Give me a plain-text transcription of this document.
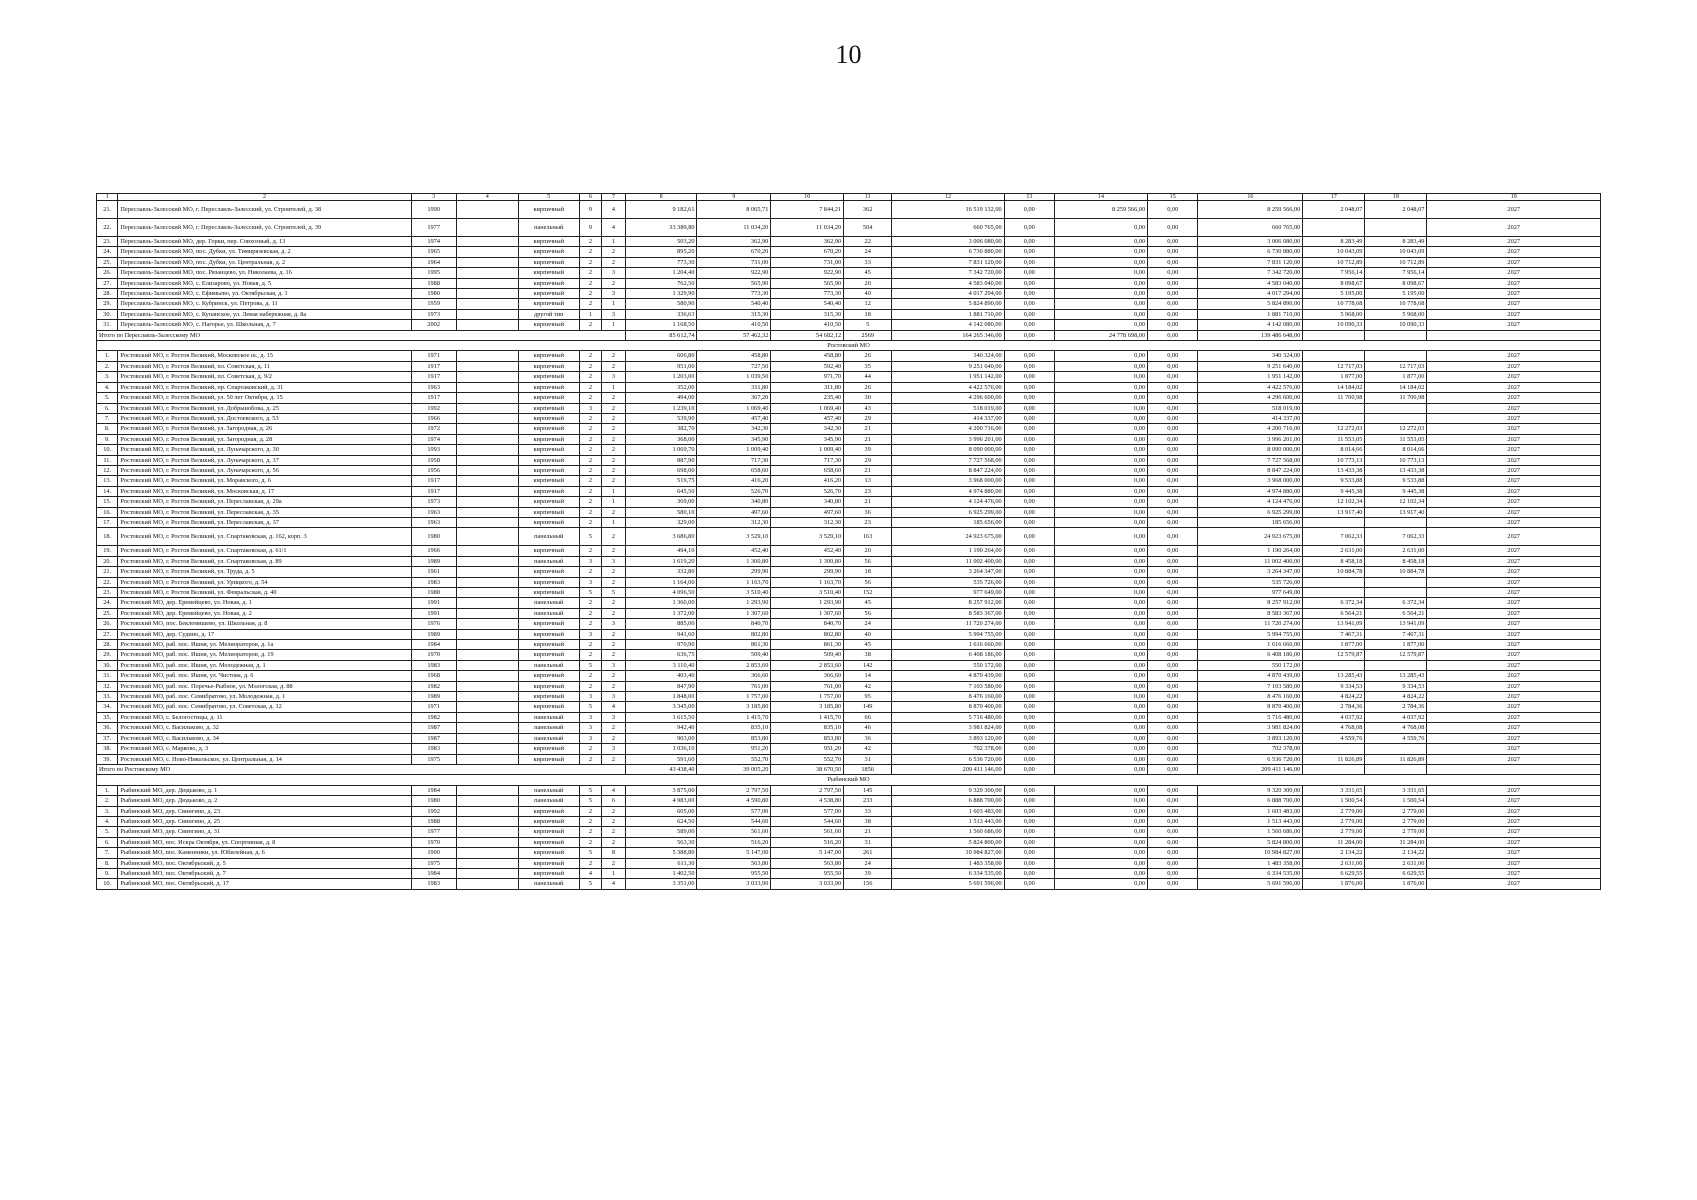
10
1	2	3	4	5	6	7	8	9	10	11	12	13	14	15	16	17	18	19
21.	Переславль-Залесский МО, г. Переславль-Залесский, ул. Строителей, д. 38	1990		кирпичный	9	4	9 182,61	8 065,71	7 844,21	362	16 519 132,00	0,00	8 259 566,00	0,00	8 259 566,00	2 048,07	2 048,07	2027
22.	Переславль-Залесский МО, г. Переславль-Залесский, ул. Строителей, д. 39	1977		панельный	9	4	33 389,80	11 034,20	11 034,20	504	660 765,00	0,00	0,00	0,00	660 765,00			2027
23.	Переславль-Залесский МО, дер. Горки, пер. Совхозный, д. 13	1974		кирпичный	2	1	503,20	362,90	362,90	22	3 006 080,00	0,00	0,00	0,00	3 006 080,00	8 283,49	8 283,49	2027
24.	Переславль-Залесский МО, пос. Дубки, ул. Тимирязевская, д. 2	1965		кирпичный	2	2	895,20	670,20	670,20	24	6 730 880,00	0,00	0,00	0,00	6 730 880,00	10 043,09	10 043,09	2027
25.	Переславль-Залесский МО, пос. Дубки, ул. Центральная, д. 2	1964		кирпичный	2	2	773,30	731,00	731,00	33	7 831 120,00	0,00	0,00	0,00	7 831 120,00	10 712,89	10 712,89	2027
26.	Переславль-Залесский МО, пос. Рязанцево, ул. Николаева, д. 16	1995		кирпичный	2	3	1 204,40	922,90	922,90	45	7 342 720,00	0,00	0,00	0,00	7 342 720,00	7 956,14	7 956,14	2027
27.	Переславль-Залесский МО, с. Елизарово, ул. Новая, д. 5	1988		кирпичный	2	2	762,50	565,90	565,90	20	4 583 040,00	0,00	0,00	0,00	4 583 040,00	8 098,67	8 098,67	2027
28.	Переславль-Залесский МО, с. Ефимьево, ул. Октябрьская, д. 1	1980		кирпичный	2	3	1 329,90	773,30	773,30	40	4 017 294,00	0,00	0,00	0,00	4 017 294,00	5 195,00	5 195,00	2027
29.	Переславль-Залесский МО, с. Кубринск, ул. Петрова, д. 11	1959		кирпичный	2	1	580,90	540,40	540,40	12	5 824 890,00	0,00	0,00	0,00	5 824 890,00	10 778,68	10 778,68	2027
30.	Переславль-Залесский МО, с. Купанское, ул. Левая набережная, д. 8а	1973		другой тип	1	3	336,63	315,30	315,30	18	1 881 710,00	0,00	0,00	0,00	1 881 710,00	5 968,00	5 968,00	2027
31.	Переславль-Залесский МО, с. Нагорье, ул. Школьная, д. 7	2002		кирпичный	2	1	1 168,50	410,50	410,50	5	4 142 080,00	0,00	0,00	0,00	4 142 080,00	10 090,33	10 090,33	2027
Итого по Переславль-Залесскому МО							85 612,74	57 462,32	54 682,12	2569	164 265 346,00	0,00	24 778 698,00	0,00	139 486 648,00			
Ростовский МО																		
1.	Ростовский МО, г. Ростов Великий, Московское ш., д. 15	1971		кирпичный	2	2	606,80	458,80	458,80	26	340 324,00	0,00	0,00	0,00	340 324,00			2027
2.	Ростовский МО, г. Ростов Великий, пл. Советская, д. 11	1917		кирпичный	2	2	951,00	727,50	592,40	35	9 251 640,00	0,00	0,00	0,00	9 251 640,00	12 717,03	12 717,03	2027
3.	Ростовский МО, г. Ростов Великий, пл. Советская, д. 9/2	1917		кирпичный	2	3	1 203,00	1 039,50	971,70	44	1 951 142,00	0,00	0,00	0,00	1 951 142,00	1 877,00	1 877,00	2027
4.	Ростовский МО, г. Ростов Великий, пр. Спартаковский, д. 31	1963		кирпичный	2	1	352,00	311,80	311,80	26	4 422 576,00	0,00	0,00	0,00	4 422 576,00	14 184,02	14 184,02	2027
5.	Ростовский МО, г. Ростов Великий, ул. 50 лет Октября, д. 15	1917		кирпичный	2	2	494,00	367,20	235,40	30	4 296 600,00	0,00	0,00	0,00	4 296 600,00	11 700,98	11 700,98	2027
6.	Ростовский МО, г. Ростов Великий, ул. Добрынобова, д. 25	1992		кирпичный	3	2	1 239,10	1 069,40	1 069,40	43	518 019,00	0,00	0,00	0,00	518 019,00			2027
7.	Ростовский МО, г. Ростов Великий, ул. Достоевского, д. 53	1966		кирпичный	2	2	539,90	457,40	457,40	29	414 337,00	0,00	0,00	0,00	414 337,00			2027
8.	Ростовский МО, г. Ростов Великий, ул. Загородная, д. 26	1972		кирпичный	2	2	382,70	342,30	342,30	21	4 200 716,00	0,00	0,00	0,00	4 200 716,00	12 272,03	12 272,03	2027
9.	Ростовский МО, г. Ростов Великий, ул. Загородная, д. 28	1974		кирпичный	2	2	368,00	345,90	345,90	21	3 996 201,00	0,00	0,00	0,00	3 996 201,00	11 553,05	11 553,05	2027
10.	Ростовский МО, г. Ростов Великий, ул. Луначарского, д. 30	1993		кирпичный	2	2	1 069,70	1 009,40	1 009,40	39	8 090 000,00	0,00	0,00	0,00	8 090 000,00	8 014,66	8 014,66	2027
11.	Ростовский МО, г. Ростов Великий, ул. Луначарского, д. 37	1958		кирпичный	2	2	887,90	717,30	717,30	29	7 727 568,00	0,00	0,00	0,00	7 727 568,00	10 773,13	10 773,13	2027
12.	Ростовский МО, г. Ростов Великий, ул. Луначарского, д. 56	1956		кирпичный	2	2	698,00	658,60	658,60	21	8 847 224,00	0,00	0,00	0,00	8 847 224,00	13 433,38	13 433,38	2027
13.	Ростовский МО, г. Ростов Великий, ул. Моравского, д. 6	1917		кирпичный	2	2	519,75	416,20	416,20	13	3 968 000,00	0,00	0,00	0,00	3 968 000,00	9 533,88	9 533,88	2027
14.	Ростовский МО, г. Ростов Великий, ул. Московская, д. 17	1917		кирпичный	2	1	645,50	526,70	526,70	23	4 974 880,00	0,00	0,00	0,00	4 974 880,00	9 445,38	9 445,38	2027
15.	Ростовский МО, г. Ростов Великий, ул. Переславская, д. 29а	1973		кирпичный	2	1	369,00	340,80	340,80	21	4 124 476,00	0,00	0,00	0,00	4 124 476,00	12 102,34	12 102,34	2027
16.	Ростовский МО, г. Ростов Великий, ул. Переславская, д. 35	1963		кирпичный	2	2	580,10	497,60	497,60	36	6 925 299,00	0,00	0,00	0,00	6 925 299,00	13 917,40	13 917,40	2027
17.	Ростовский МО, г. Ростов Великий, ул. Переславская, д. 37	1963		кирпичный	2	1	329,00	312,30	312,30	23	185 656,00	0,00	0,00	0,00	185 656,00			2027
18.	Ростовский МО, г. Ростов Великий, ул. Спартаковская, д. 162, корп. 3	1980		панельный	5	2	3 686,80	3 529,10	3 529,10	163	24 923 675,00	0,00	0,00	0,00	24 923 675,00	7 062,33	7 062,33	2027
19.	Ростовский МО, г. Ростов Великий, ул. Спартаковская, д. 61/1	1966		кирпичный	2	2	494,10	452,40	452,40	20	1 190 264,00	0,00	0,00	0,00	1 190 264,00	2 631,00	2 631,00	2027
20.	Ростовский МО, г. Ростов Великий, ул. Спартаковская, д. 89	1989		панельный	3	3	1 619,20	1 300,80	1 300,80	56	11 002 400,00	0,00	0,00	0,00	11 002 400,00	8 458,18	8 458,18	2027
21.	Ростовский МО, г. Ростов Великий, ул. Труда, д. 5	1961		кирпичный	2	2	332,80	299,90	299,90	18	3 264 347,00	0,00	0,00	0,00	3 264 347,00	10 884,78	10 884,78	2027
22.	Ростовский МО, г. Ростов Великий, ул. Урицкого, д. 54	1983		кирпичный	3	2	1 164,00	1 163,70	1 163,70	56	535 726,00	0,00	0,00	0,00	535 726,00			2027
23.	Ростовский МО, г. Ростов Великий, ул. Февральская, д. 40	1988		кирпичный	5	5	4 096,50	3 510,40	3 510,40	152	977 649,00	0,00	0,00	0,00	977 649,00			2027
24.	Ростовский МО, дер. Еремейцево, ул. Новая, д. 1	1991		панельный	2	2	1 360,00	1 293,90	1 293,90	45	8 257 912,00	0,00	0,00	0,00	8 257 912,00	6 372,34	6 372,34	2027
25.	Ростовский МО, дер. Еремейцево, ул. Новая, д. 2	1991		панельный	2	2	1 372,00	1 307,60	1 307,60	56	8 583 367,00	0,00	0,00	0,00	8 583 367,00	6 564,21	6 564,21	2027
26.	Ростовский МО, пос. Беклемишево, ул. Школьная, д. 8	1976		кирпичный	2	3	885,00	840,70	840,70	24	11 720 274,00	0,00	0,00	0,00	11 720 274,00	13 941,09	13 941,09	2027
27.	Ростовский МО, дер. Судино, д. 17	1989		кирпичный	3	2	941,60	802,80	802,80	40	5 994 755,00	0,00	0,00	0,00	5 994 755,00	7 467,31	7 467,31	2027
28.	Ростовский МО, раб. пос. Ишня, ул. Мелиораторов, д. 1а	1984		кирпичный	2	2	970,90	861,30	861,30	45	1 616 660,00	0,00	0,00	0,00	1 616 660,00	1 877,00	1 877,00	2027
29.	Ростовский МО, раб. пос. Ишня, ул. Мелиораторов, д. 19	1970		кирпичный	2	2	636,75	509,40	509,40	38	6 408 186,00	0,00	0,00	0,00	6 408 186,00	12 579,87	12 579,87	2027
30.	Ростовский МО, раб. пос. Ишня, ул. Молодежная, д. 1	1983		панельный	5	3	3 110,40	2 853,60	2 853,60	142	550 172,00	0,00	0,00	0,00	550 172,00			2027
31.	Ростовский МО, раб. пос. Ишня, ул. Чистова, д. 6	1968		кирпичный	2	2	403,40	366,60	366,60	14	4 870 439,00	0,00	0,00	0,00	4 870 439,00	13 285,43	13 285,43	2027
32.	Ростовский МО, раб. пос. Поречье-Рыбное, ул. Мологская, д. 88	1982		кирпичный	2	2	847,90	761,00	761,00	42	7 103 580,00	0,00	0,00	0,00	7 103 580,00	9 334,53	9 334,53	2027
33.	Ростовский МО, раб. пос. Семибратово, ул. Молодежная, д. 1	1989		кирпичный	3	3	1 848,00	1 757,00	1 757,00	95	8 476 160,00	0,00	0,00	0,00	8 476 160,00	4 824,22	4 824,22	2027
34.	Ростовский МО, раб. пос. Семибратово, ул. Советская, д. 12	1971		кирпичный	5	4	3 345,00	3 185,80	3 185,80	149	8 870 400,00	0,00	0,00	0,00	8 870 400,00	2 784,36	2 784,36	2027
35.	Ростовский МО, с. Белогостицы, д. 11	1982		панельный	3	3	1 615,50	1 415,70	1 415,70	66	5 716 480,00	0,00	0,00	0,00	5 716 480,00	4 037,92	4 037,92	2027
36.	Ростовский МО, с. Васильково, д. 32	1987		панельный	3	2	942,40	835,10	835,10	46	3 981 824,00	0,00	0,00	0,00	3 981 824,00	4 768,08	4 768,08	2027
37.	Ростовский МО, с. Васильково, д. 34	1987		панельный	3	2	903,00	853,80	853,80	36	3 893 120,00	0,00	0,00	0,00	3 893 120,00	4 559,76	4 559,76	2027
38.	Ростовский МО, с. Марково, д. 3	1983		кирпичный	2	3	1 036,10	951,20	951,20	42	702 378,00	0,00	0,00	0,00	702 378,00			2027
39.	Ростовский МО, с. Ново-Никольское, ул. Центральная, д. 14	1975		кирпичный	2	2	591,60	552,70	552,70	31	6 536 720,00	0,00	0,00	0,00	6 536 720,00	11 826,89	11 826,89	2027
Итого по Ростовскому МО							43 438,40	39 005,20	38 670,50	1856	209 411 146,00	0,00	0,00	0,00	209 411 146,00			
Рыбинский МО																		
1.	Рыбинский МО, дер. Дюдьково, д. 1	1984		панельный	5	4	3 875,00	2 797,50	2 797,50	145	9 320 300,00	0,00	0,00	0,00	9 320 300,00	3 331,65	3 331,65	2027
2.	Рыбинский МО, дер. Дюдьково, д. 2	1980		панельный	5	6	4 983,00	4 590,80	4 538,80	233	6 888 700,00	0,00	0,00	0,00	6 888 700,00	1 500,54	1 500,54	2027
3.	Рыбинский МО, дер. Свингино, д. 23	1992		кирпичный	2	2	605,00	577,00	577,00	33	1 603 483,00	0,00	0,00	0,00	1 603 483,00	2 779,00	2 779,00	2027
4.	Рыбинский МО, дер. Свингино, д. 25	1988		кирпичный	2	2	624,50	544,60	544,60	38	1 513 443,00	0,00	0,00	0,00	1 513 443,00	2 779,00	2 779,00	2027
5.	Рыбинский МО, дер. Свингино, д. 31	1977		кирпичный	2	2	589,00	561,60	561,60	21	1 560 686,00	0,00	0,00	0,00	1 560 686,00	2 779,00	2 779,00	2027
6.	Рыбинский МО, пос. Искра Октября, ул. Спортивная, д. 8	1970		кирпичный	2	2	563,30	516,20	516,20	31	5 824 800,00	0,00	0,00	0,00	5 824 800,00	11 284,00	11 284,00	2027
7.	Рыбинский МО, пос. Каменники, ул. Юбилейная, д. 6	1990		кирпичный	5	8	5 388,80	5 147,00	5 147,00	261	10 984 827,00	0,00	0,00	0,00	10 984 827,00	2 134,22	2 134,22	2027
8.	Рыбинский МО, пос. Октябрьский, д. 5	1975		кирпичный	2	2	611,30	563,80	563,80	24	1 483 358,00	0,00	0,00	0,00	1 483 358,00	2 631,00	2 631,00	2027
9.	Рыбинский МО, пос. Октябрьский, д. 7	1984		кирпичный	4	1	1 402,50	955,50	955,50	39	6 334 535,00	0,00	0,00	0,00	6 334 535,00	6 629,55	6 629,55	2027
10.	Рыбинский МО, пос. Октябрьский, д. 17	1983		панельный	5	4	3 351,00	3 033,90	3 033,90	156	5 691 596,00	0,00	0,00	0,00	5 691 596,00	1 876,00	1 876,00	2027
